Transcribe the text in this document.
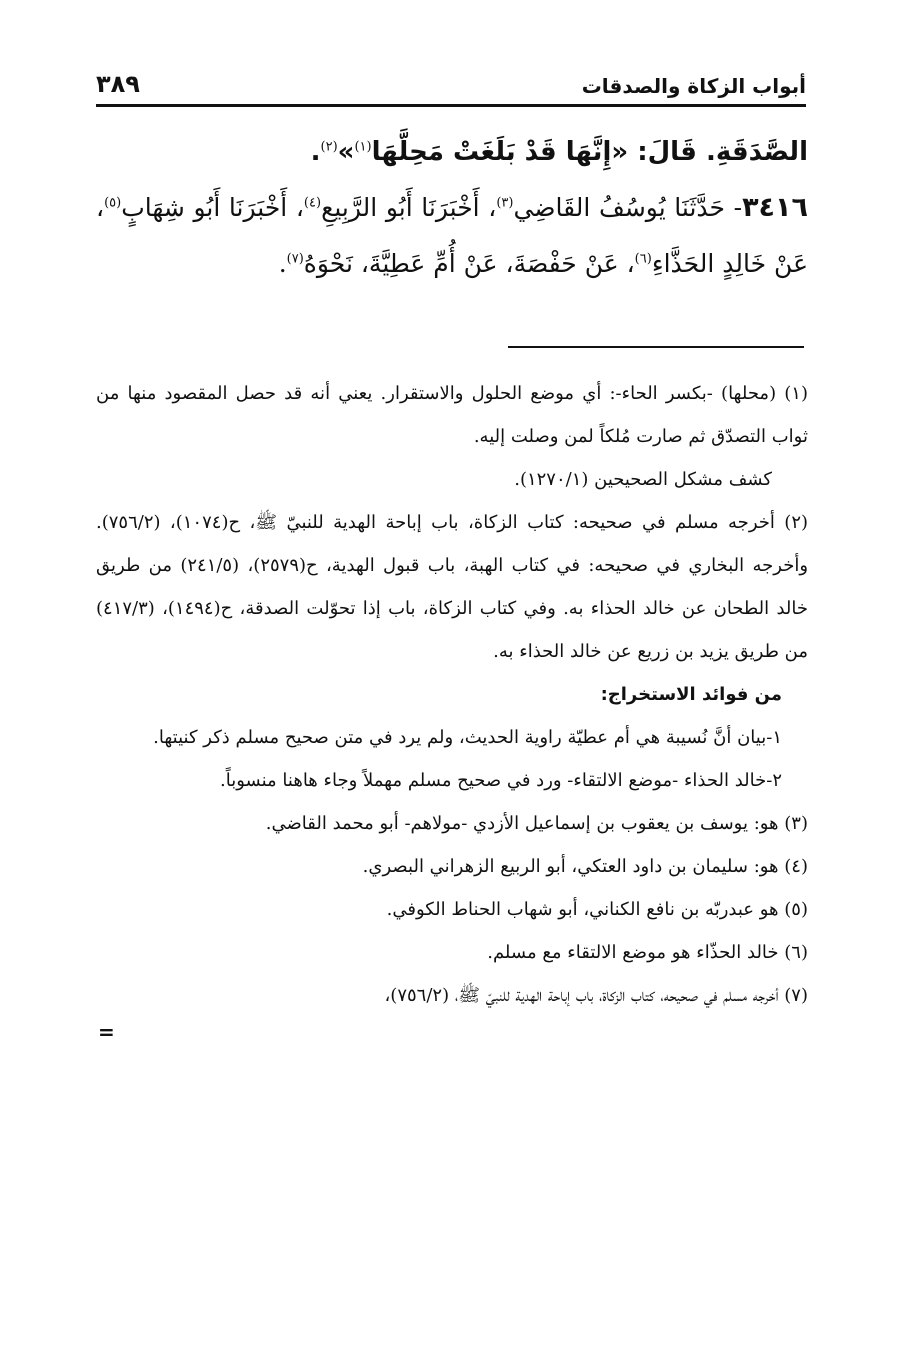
أبواب الزكاة والصدقات
٣٨٩

الصَّدَقَةِ. قَالَ: «إِنَّهَا قَدْ بَلَغَتْ مَحِلَّهَا$^{(١)}$»$^{(٢)}$.

٣٤١٦- حَدَّثَنَا يُوسُفُ القَاضِي$^{(٣)}$، أَخْبَرَنَا أَبُو الرَّبِيعِ$^{(٤)}$، أَخْبَرَنَا أَبُو شِهَابٍ$^{(٥)}$، عَنْ خَالِدٍ الحَذَّاءِ$^{(٦)}$، عَنْ حَفْصَةَ، عَنْ أُمِّ عَطِيَّةَ، نَحْوَهُ$^{(٧)}$.

(١) (محلها) -بكسر الحاء-: أي موضع الحلول والاستقرار. يعني أنه قد حصل المقصود منها من ثواب التصدّق ثم صارت مُلكاً لمن وصلت إليه.

كشف مشكل الصحيحين (١٢٧٠/١).

(٢) أخرجه مسلم في صحيحه: كتاب الزكاة، باب إباحة الهدية للنبيّ ﷺ، ح(١٠٧٤)، (٧٥٦/٢). وأخرجه البخاري في صحيحه: في كتاب الهبة، باب قبول الهدية، ح(٢٥٧٩)، (٢٤١/٥) من طريق خالد الطحان عن خالد الحذاء به. وفي كتاب الزكاة، باب إذا تحوّلت الصدقة، ح(١٤٩٤)، (٤١٧/٣) من طريق يزيد بن زريع عن خالد الحذاء به.

من فوائد الاستخراج:

١-بيان أنَّ نُسيبة هي أم عطيّة راوية الحديث، ولم يرد في متن صحيح مسلم ذكر كنيتها.

٢-خالد الحذاء -موضع الالتقاء- ورد في صحيح مسلم مهملاً وجاء هاهنا منسوباً.

(٣) هو: يوسف بن يعقوب بن إسماعيل الأزدي -مولاهم- أبو محمد القاضي.

(٤) هو: سليمان بن داود العتكي، أبو الربيع الزهراني البصري.

(٥) هو عبدربّه بن نافع الكناني، أبو شهاب الحناط الكوفي.

(٦) خالد الحذّاء هو موضع الالتقاء مع مسلم.

(٧) أخرجه مسلم في صحيحه، كتاب الزكاة، باب إباحة الهدية للنبيّ ﷺ، (٧٥٦/٢)،

=
